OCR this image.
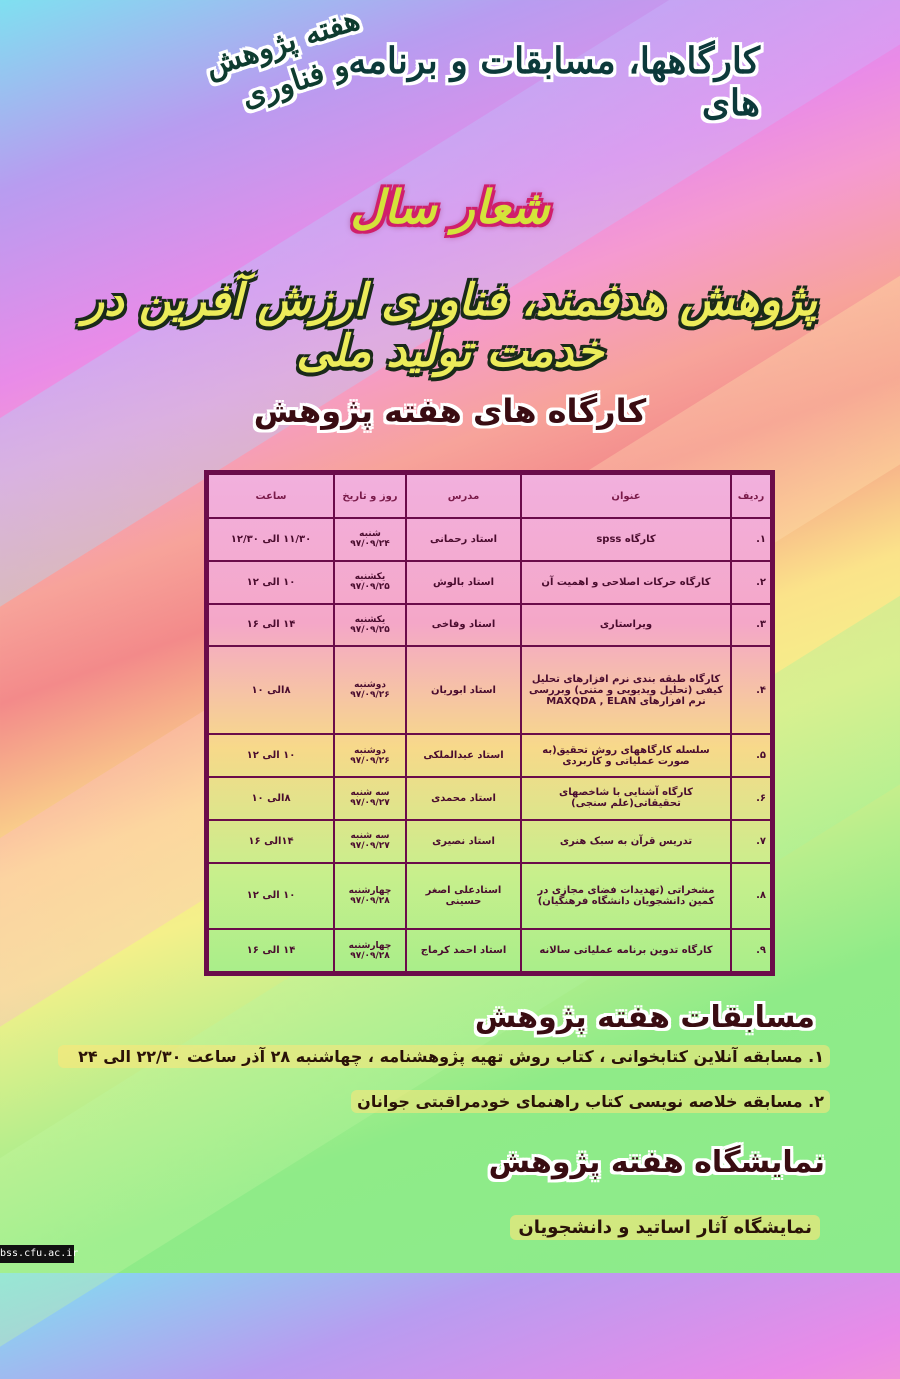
کارگاهها، مسابقات و برنامه های
هفته پژوهش و فناوری
شعار سال
پژوهش هدفمند، فناوری ارزش آفرین در خدمت تولید ملی
کارگاه های هفته پژوهش
ردیف	عنوان	مدرس	روز و تاریخ	ساعت
۱.	کارگاه spss	استاد رحمانی	شنبه ۹۷/۰۹/۲۴	۱۱/۳۰ الی ۱۲/۳۰
۲.	کارگاه حرکات اصلاحی و اهمیت آن	استاد بالوش	یکشنبه ۹۷/۰۹/۲۵	۱۰ الی ۱۲
۳.	ویراستاری	استاد وفاخی	یکشنبه ۹۷/۰۹/۲۵	۱۴ الی ۱۶
۴.	کارگاه طبقه بندی نرم افزارهای تحلیل کیفی (تحلیل ویدیویی و متنی) وبررسی نرم افزارهای MAXQDA , ELAN	استاد ابوریان	دوشنبه ۹۷/۰۹/۲۶	۸الی ۱۰
۵.	سلسله کارگاههای روش تحقیق(به صورت عملیاتی و کاربردی	استاد عبدالملکی	دوشنبه ۹۷/۰۹/۲۶	۱۰ الی ۱۲
۶.	کارگاه آشنایی با شاخصهای تحقیقاتی(علم سنجی)	استاد محمدی	سه شنبه ۹۷/۰۹/۲۷	۸الی ۱۰
۷.	تدریس قرآن به سبک هنری	استاد نصیری	سه شنبه ۹۷/۰۹/۲۷	۱۴الی ۱۶
۸.	مشخراتی (تهدیدات فضای مجازی در کمین دانشجویان دانشگاه فرهنگیان)	استادعلی اصغر حسینی	چهارشنبه ۹۷/۰۹/۲۸	۱۰ الی ۱۲
۹.	کارگاه تدوین برنامه عملیاتی سالانه	استاد احمد کرماج	چهارشنبه ۹۷/۰۹/۲۸	۱۴ الی ۱۶
مسابقات هفته پژوهش
۱. مسابقه آنلاین کتابخوانی ، کتاب روش تهیه پژوهشنامه ، چهاشنبه ۲۸ آذر ساعت ۲۲/۳۰ الی ۲۴
۲. مسابقه خلاصه نویسی کتاب راهنمای خودمراقبتی جوانان
نمایشگاه هفته پژوهش
نمایشگاه آثار اساتید و دانشجویان
bss.cfu.ac.ir
